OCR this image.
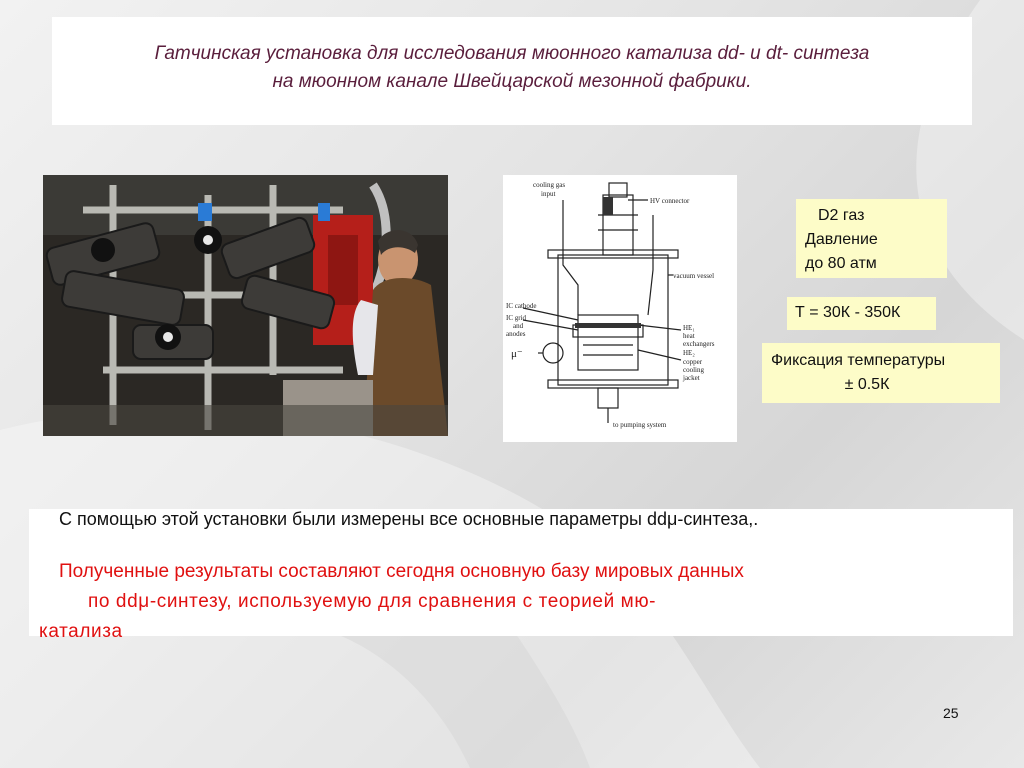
Гатчинская установка для исследования мюонного катализа dd- и dt- синтеза
на мюонном канале Швейцарской мезонной фабрики.
cooling gas
input
HV connector
vacuum vessel
IC cathode
IC grid
and
anodes
μ⁻
HE₁
heat
exchangers
HE₂
copper
cooling
jacket
to pumping system
D2 газ
Давление
до 80 атм
Т = 30К - 350К
Фиксация температуры
± 0.5К
С помощью этой установки были измерены все основные параметры ddμ-синтеза,.
Полученные результаты составляют сегодня основную базу мировых данных
по ddμ-синтезу, используемую для сравнения с теорией мю-
катализа
25
